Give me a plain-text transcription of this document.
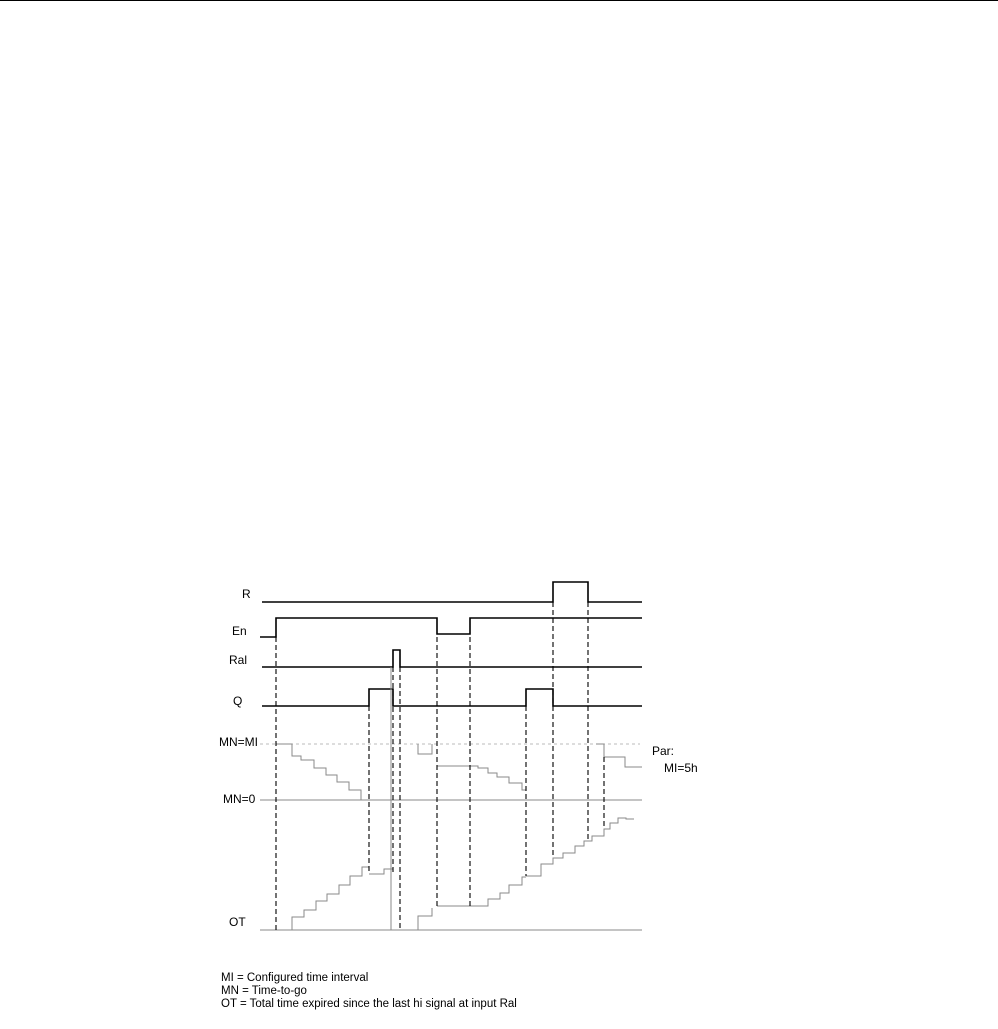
R
En
Ral
Q
MN=MI
MN=0
OT
Par:
MI=5h
MI = Configured time interval
MN = Time-to-go
OT = Total time expired since the last hi signal at input Ral
